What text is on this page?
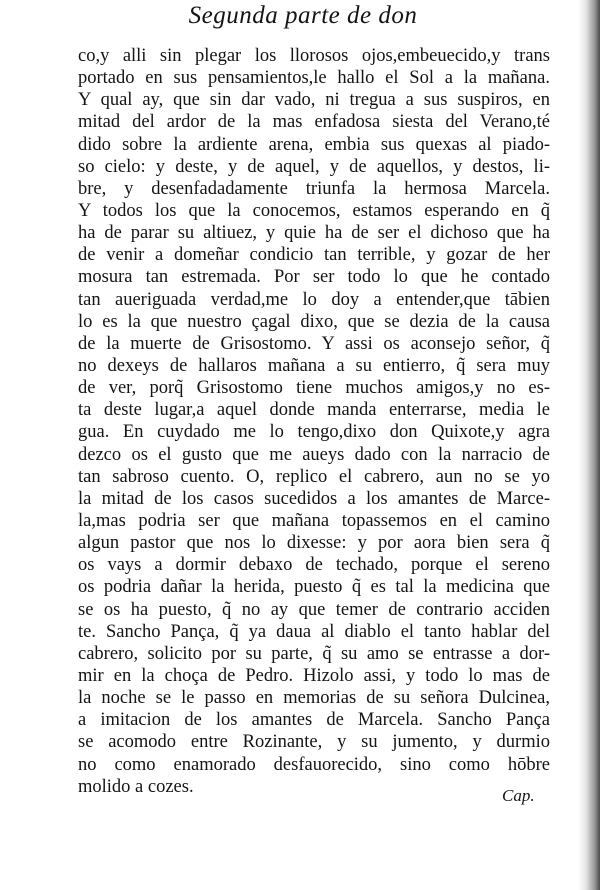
Segunda parte de don
co,y alli sin plegar los llorosos ojos,embeuecido,y trans
portado en sus pensamientos,le hallo el Sol a la mañana.
Y qual ay, que sin dar vado, ni tregua a sus suspiros, en
mitad del ardor de la mas enfadosa siesta del Verano,té
dido sobre la ardiente arena, embia sus quexas al piado-
so cielo: y deste, y de aquel, y de aquellos, y destos, li-
bre, y desenfadadamente triunfa la hermosa Marcela.
Y todos los que la conocemos, estamos esperando en q̃
ha de parar su altiuez, y quie ha de ser el dichoso que ha
de venir a domeñar condicio tan terrible, y gozar de her
mosura tan estremada. Por ser todo lo que he contado
tan aueriguada verdad,me lo doy a entender,que tābien
lo es la que nuestro çagal dixo, que se dezia de la causa
de la muerte de Grisostomo. Y assi os aconsejo señor, q̃
no dexeys de hallaros mañana a su entierro, q̃ sera muy
de ver, porq̃ Grisostomo tiene muchos amigos,y no es-
ta deste lugar,a aquel donde manda enterrarse, media le
gua. En cuydado me lo tengo,dixo don Quixote,y agra
dezco os el gusto que me aueys dado con la narracio de
tan sabroso cuento. O, replico el cabrero, aun no se yo
la mitad de los casos sucedidos a los amantes de Marce-
la,mas podria ser que mañana topassemos en el camino
algun pastor que nos lo dixesse: y por aora bien sera q̃
os vays a dormir debaxo de techado, porque el sereno
os podria dañar la herida, puesto q̃ es tal la medicina que
se os ha puesto, q̃ no ay que temer de contrario acciden
te. Sancho Pança, q̃ ya daua al diablo el tanto hablar del
cabrero, solicito por su parte, q̃ su amo se entrasse a dor-
mir en la choça de Pedro. Hizolo assi, y todo lo mas de
la noche se le passo en memorias de su señora Dulcinea,
a imitacion de los amantes de Marcela. Sancho Pança
se acomodo entre Rozinante, y su jumento, y durmio
no como enamorado desfauorecido, sino como hōbre
molido a cozes.	Cap.
